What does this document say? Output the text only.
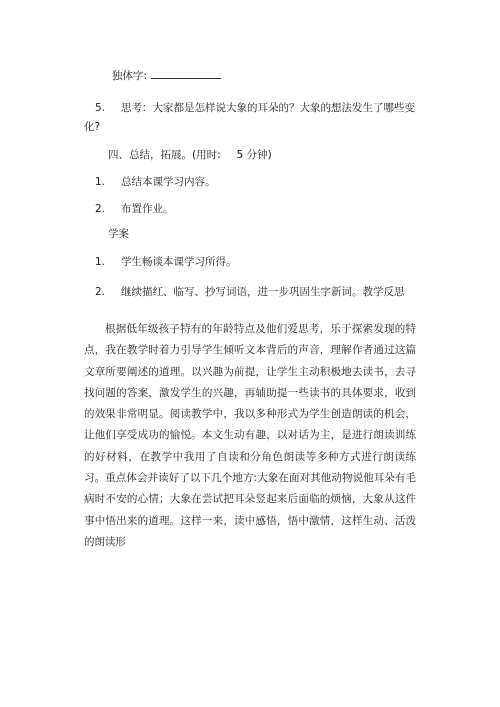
独体字:
5. 思考：大家都是怎样说大象的耳朵的？大象的想法发生了哪些变
化?
四、总结，拓展。(用时: 5 分钟)
1. 总结本课学习内容。
2. 布置作业。
学案
1. 学生畅谈本课学习所得。
2. 继续描红、临写、抄写词语，进一步巩固生字新词。教学反思
根据低年级孩子特有的年龄特点及他们爱思考，乐于探索发现的特点，我在教学时着力引导学生倾听文本背后的声音，理解作者通过这篇文章所要阐述的道理。以兴趣为前提，让学生主动积极地去读书，去寻找问题的答案，激发学生的兴趣，再辅助提一些读书的具体要求，收到的效果非常明显。阅读教学中，我以多种形式为学生创造朗读的机会，让他们享受成功的愉悦。本文生动有趣，以对话为主，是进行朗读训练的好材料，在教学中我用了自读和分角色朗读等多种方式进行朗读练习。重点体会并读好了以下几个地方:大象在面对其他动物说他耳朵有毛病时不安的心情；大象在尝试把耳朵竖起来后面临的烦恼，大象从这件事中悟出来的道理。这样一来，读中感悟，悟中激情，这样生动、活泼的朗读形
